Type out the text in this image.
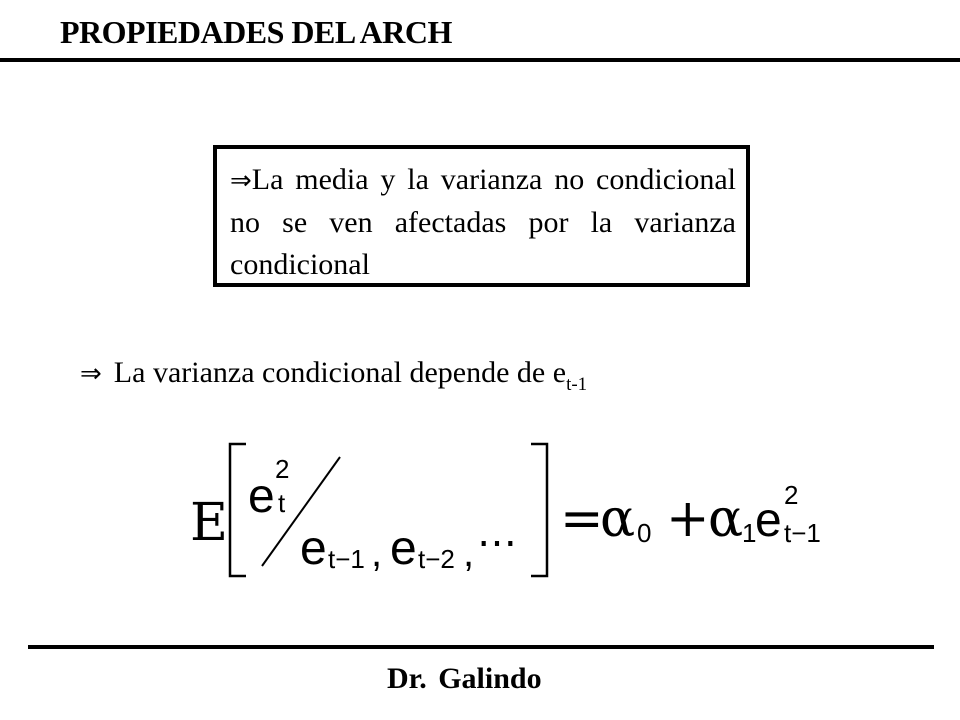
PROPIEDADES DEL ARCH
⇒La media y la varianza no condicional no se ven afectadas por la varianza condicional
⇒ La varianza condicional depende de $e_{t-1}$
E e
2
t
e t−1 , e t−2 , ⋯ =
α 0 +
α
1
e 2
t−1
Dr. Galindo
